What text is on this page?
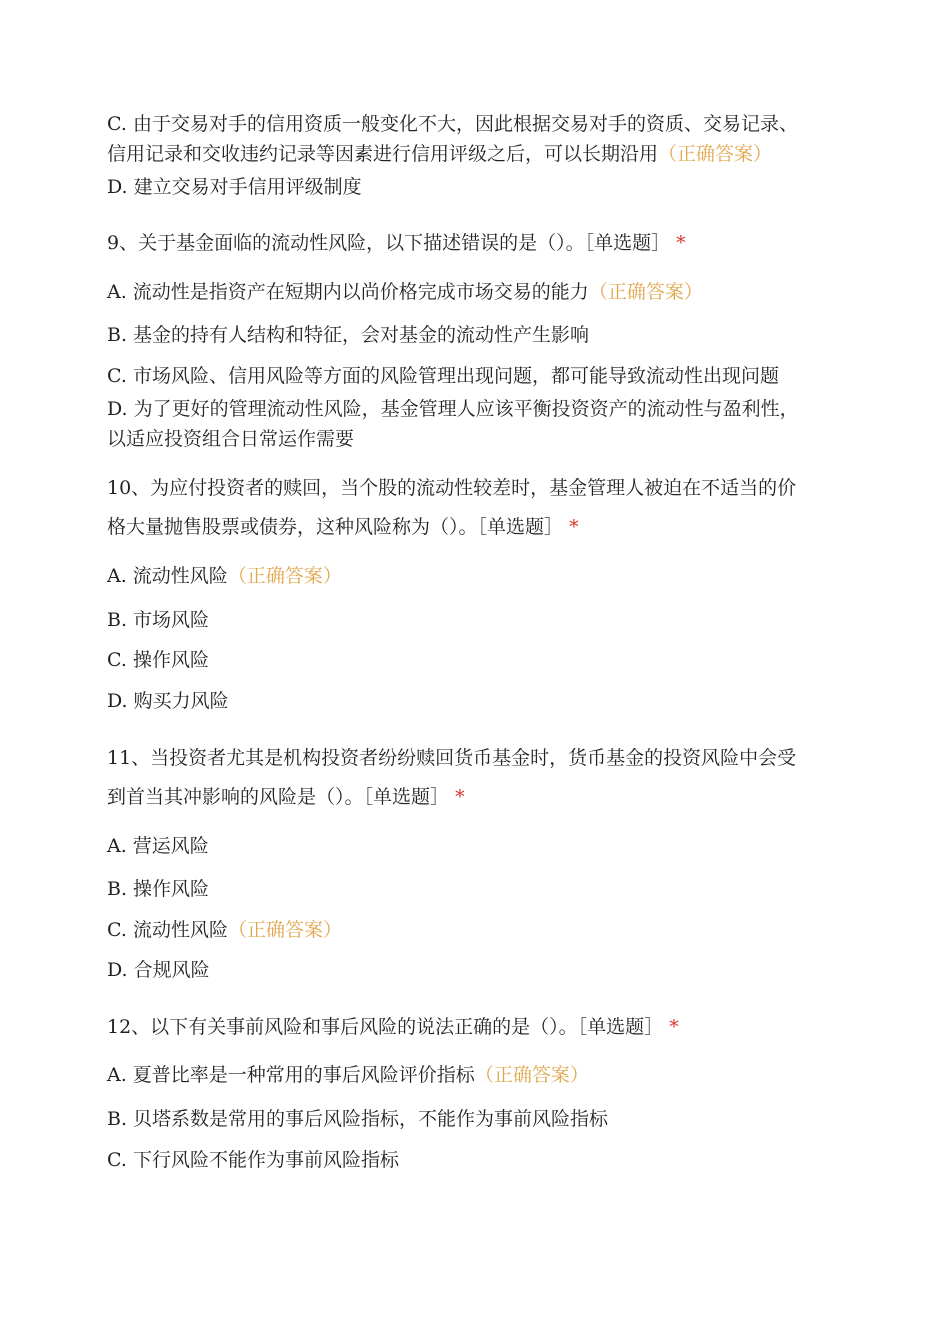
C. 由于交易对手的信用资质一般变化不大，因此根据交易对手的资质、交易记录、
信用记录和交收违约记录等因素进行信用评级之后，可以长期沿用（正确答案）
D. 建立交易对手信用评级制度
9、关于基金面临的流动性风险，以下描述错误的是（）。［单选题］ *
A. 流动性是指资产在短期内以尚价格完成市场交易的能力（正确答案）
B. 基金的持有人结构和特征，会对基金的流动性产生影响
C. 市场风险、信用风险等方面的风险管理出现问题，都可能导致流动性出现问题
D. 为了更好的管理流动性风险，基金管理人应该平衡投资资产的流动性与盈利性，
以适应投资组合日常运作需要
10、为应付投资者的赎回，当个股的流动性较差时，基金管理人被迫在不适当的价
格大量抛售股票或债券，这种风险称为（）。［单选题］ *
A. 流动性风险（正确答案）
B. 市场风险
C. 操作风险
D. 购买力风险
11、当投资者尤其是机构投资者纷纷赎回货币基金时，货币基金的投资风险中会受
到首当其冲影响的风险是（）。［单选题］ *
A. 营运风险
B. 操作风险
C. 流动性风险（正确答案）
D. 合规风险
12、以下有关事前风险和事后风险的说法正确的是（）。［单选题］ *
A. 夏普比率是一种常用的事后风险评价指标（正确答案）
B. 贝塔系数是常用的事后风险指标，不能作为事前风险指标
C. 下行风险不能作为事前风险指标
